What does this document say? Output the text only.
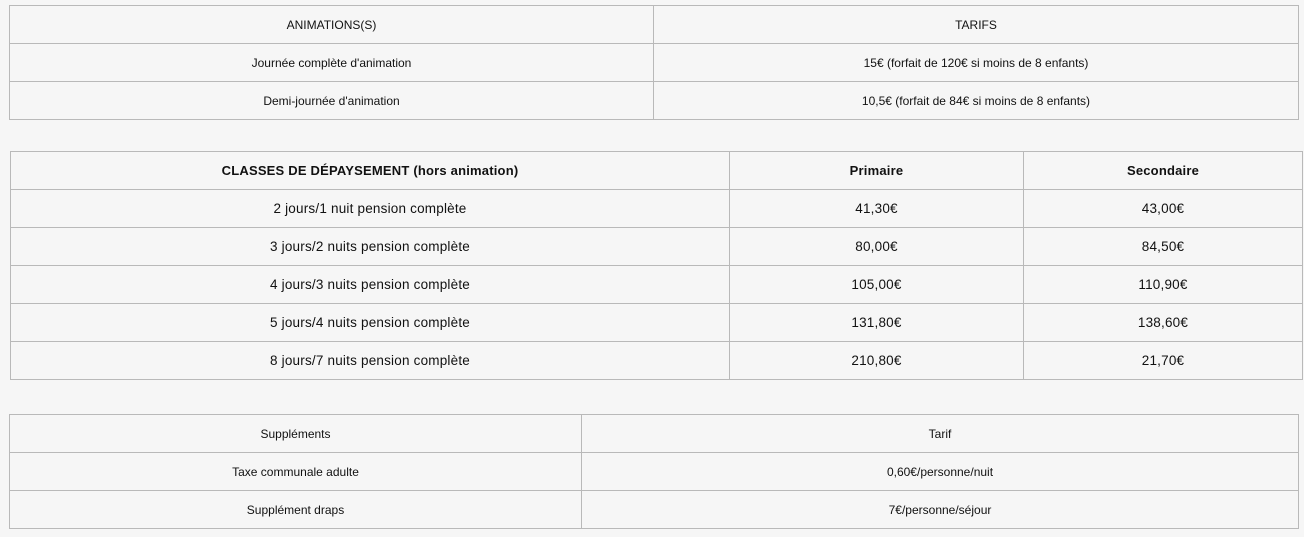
ANIMATIONS(S)	TARIFS
Journée complète d'animation	15€ (forfait de 120€ si moins de 8 enfants)
Demi-journée d'animation	10,5€ (forfait de 84€ si moins de 8 enfants)
CLASSES DE DÉPAYSEMENT (hors animation)	Primaire	Secondaire
2 jours/1 nuit pension complète	41,30€	43,00€
3 jours/2 nuits pension complète	80,00€	84,50€
4 jours/3 nuits pension complète	105,00€	110,90€
5 jours/4 nuits pension complète	131,80€	138,60€
8 jours/7 nuits pension complète	210,80€	21,70€
Suppléments	Tarif
Taxe communale adulte	0,60€/personne/nuit
Supplément draps	7€/personne/séjour
